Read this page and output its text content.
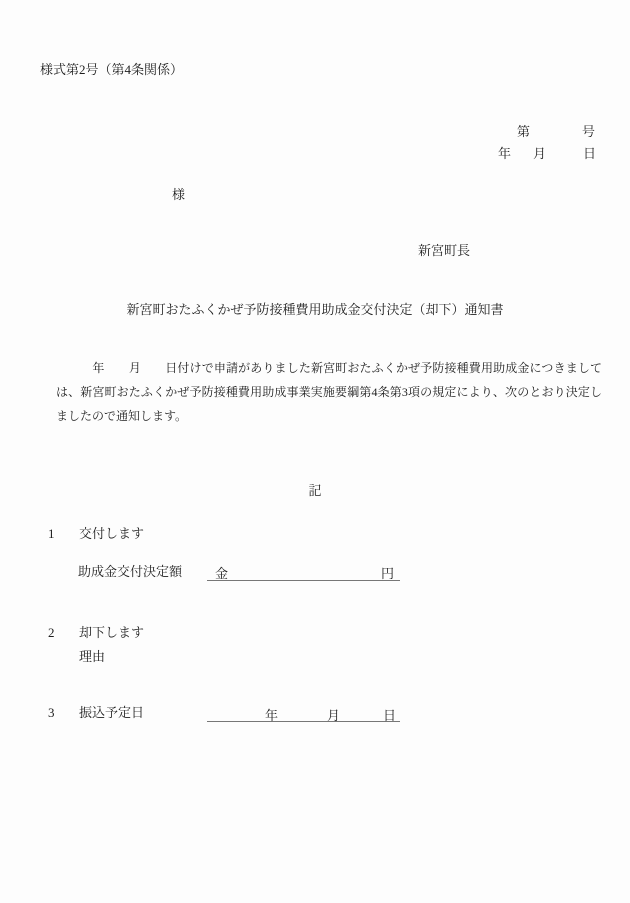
様式第2号（第4条関係）
第	号
年 月	日
様
新宮町長
新宮町おたふくかぜ予防接種費用助成金交付決定（却下）通知書
　　　年　　月　　日付けで申請がありました新宮町おたふくかぜ予防接種費用助成金につきましては、新宮町おたふくかぜ予防接種費用助成事業実施要綱第4条第3項の規定により、次のとおり決定しましたので通知します。
記
1 交付します
助成金交付決定額	金	円
2 却下します
理由
3 振込予定日	年	月	日
